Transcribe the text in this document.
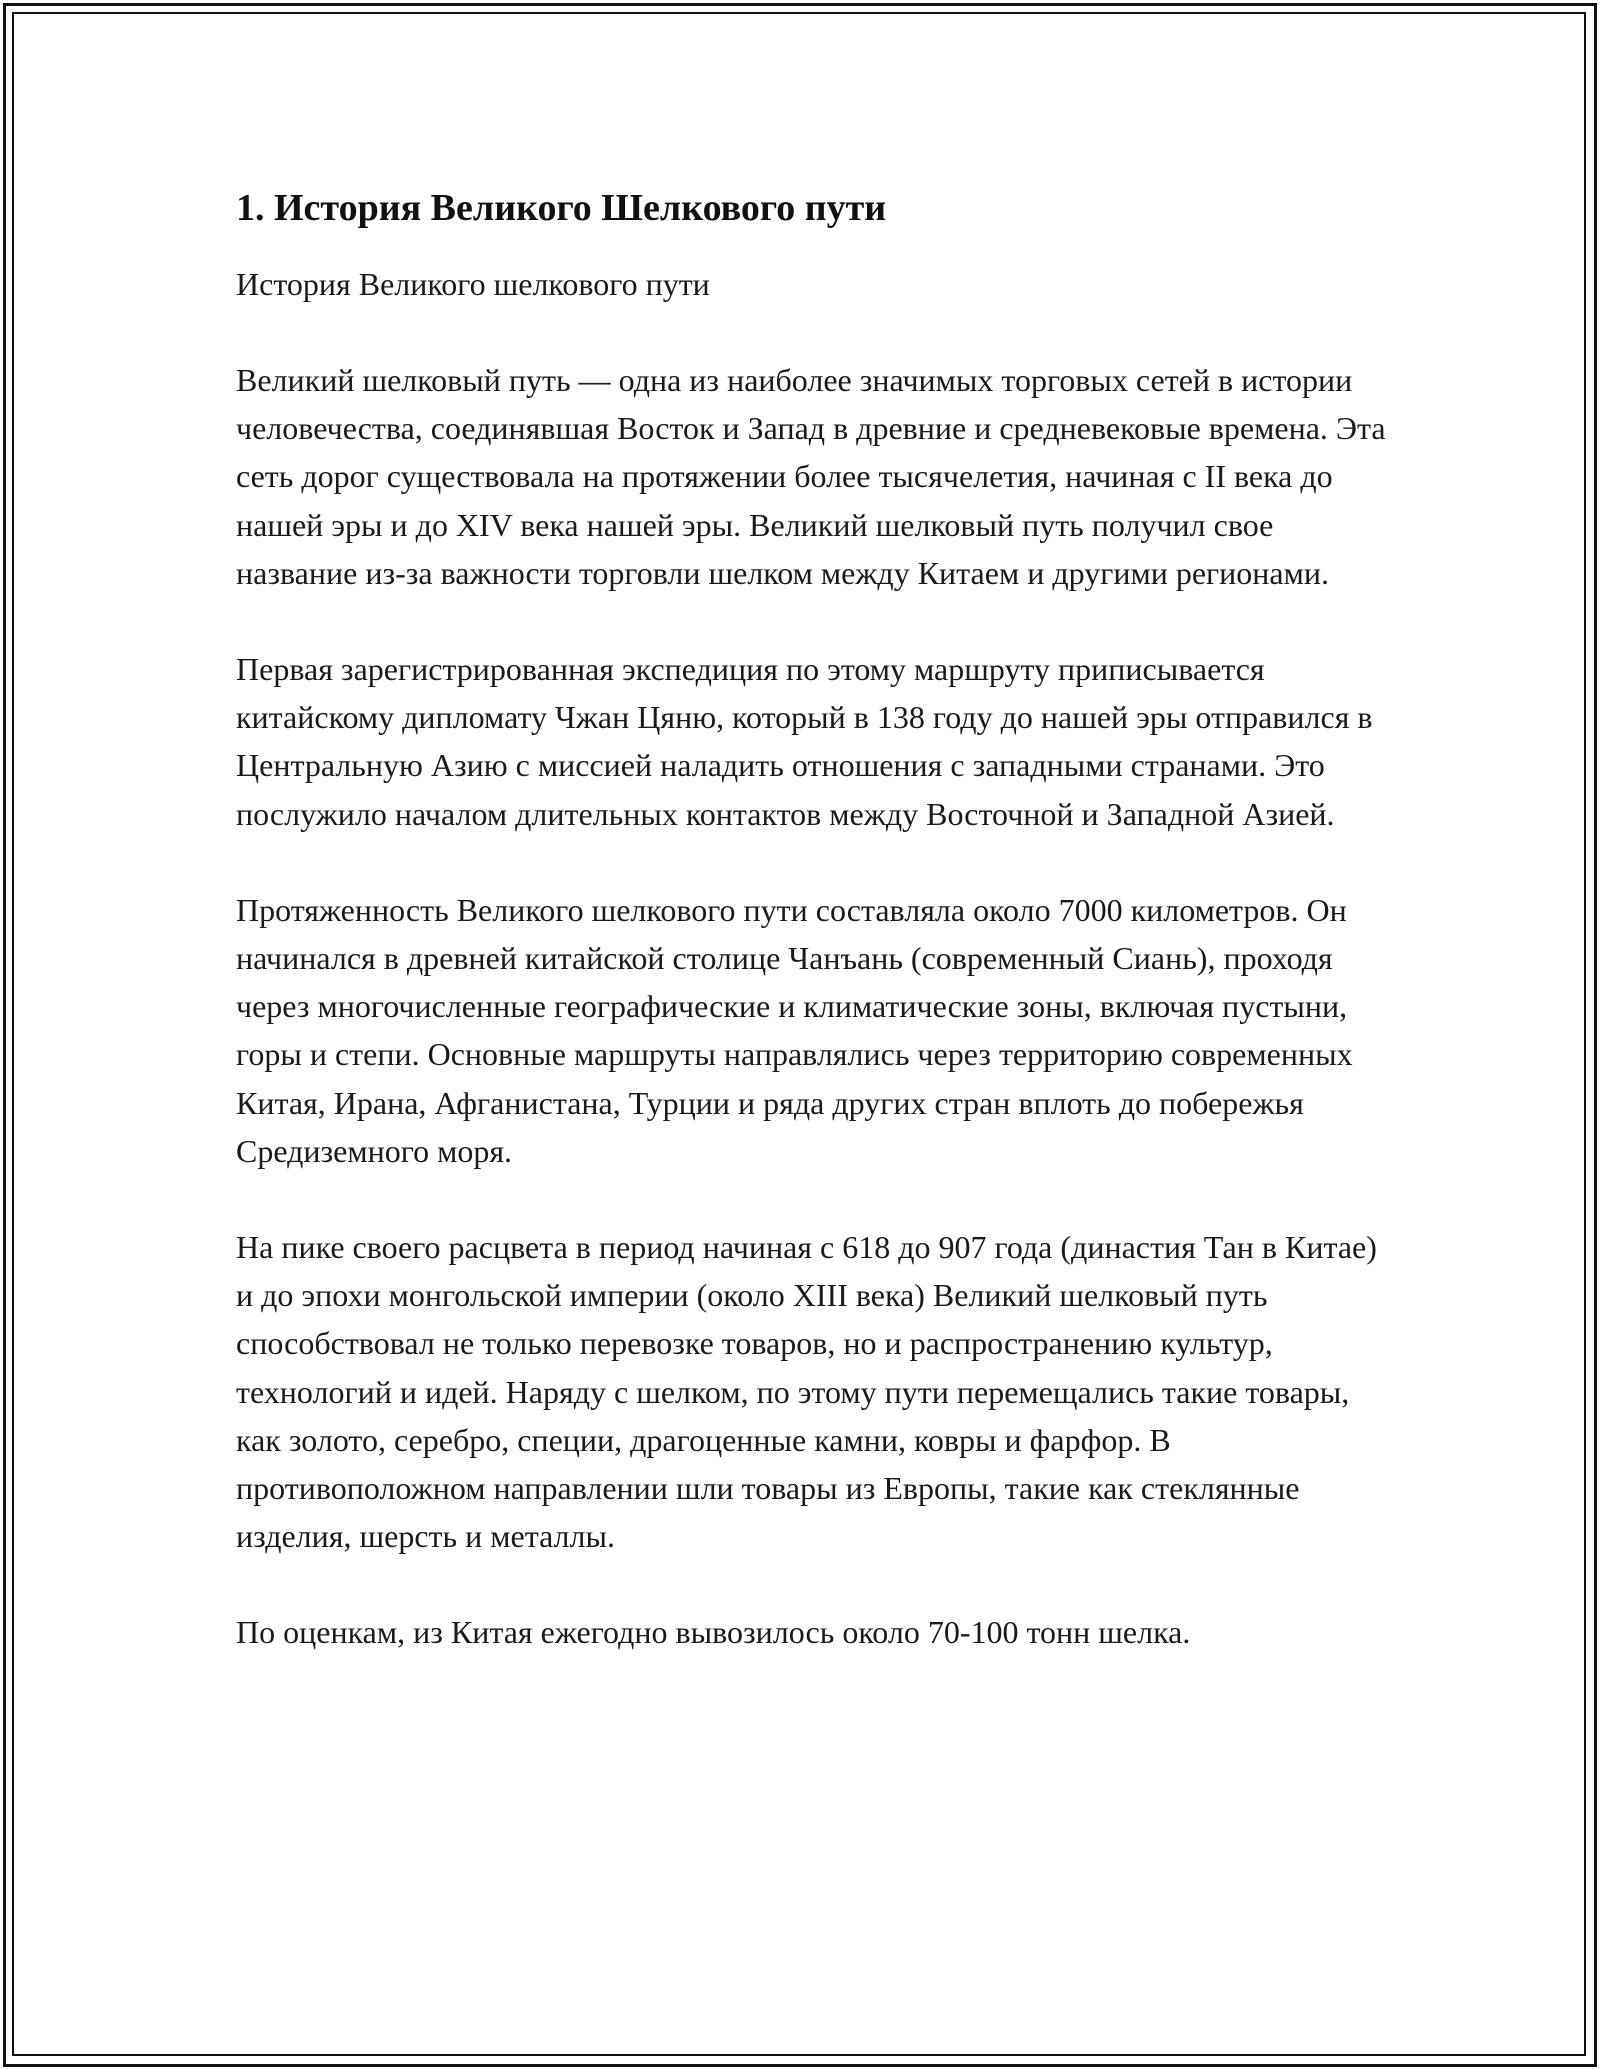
1. История Великого Шелкового пути

История Великого шелкового пути

Великий шелковый путь — одна из наиболее значимых торговых сетей в истории человечества, соединявшая Восток и Запад в древние и средневековые времена. Эта сеть дорог существовала на протяжении более тысячелетия, начиная с II века до нашей эры и до XIV века нашей эры. Великий шелковый путь получил свое название из-за важности торговли шелком между Китаем и другими регионами.

Первая зарегистрированная экспедиция по этому маршруту приписывается китайскому дипломату Чжан Цяню, который в 138 году до нашей эры отправился в Центральную Азию с миссией наладить отношения с западными странами. Это послужило началом длительных контактов между Восточной и Западной Азией.

Протяженность Великого шелкового пути составляла около 7000 километров. Он начинался в древней китайской столице Чанъань (современный Сиань), проходя через многочисленные географические и климатические зоны, включая пустыни, горы и степи. Основные маршруты направлялись через территорию современных Китая, Ирана, Афганистана, Турции и ряда других стран вплоть до побережья Средиземного моря.

На пике своего расцвета в период начиная с 618 до 907 года (династия Тан в Китае) и до эпохи монгольской империи (около XIII века) Великий шелковый путь способствовал не только перевозке товаров, но и распространению культур, технологий и идей. Наряду с шелком, по этому пути перемещались такие товары, как золото, серебро, специи, драгоценные камни, ковры и фарфор. В противоположном направлении шли товары из Европы, такие как стеклянные изделия, шерсть и металлы.

По оценкам, из Китая ежегодно вывозилось около 70-100 тонн шелка.
